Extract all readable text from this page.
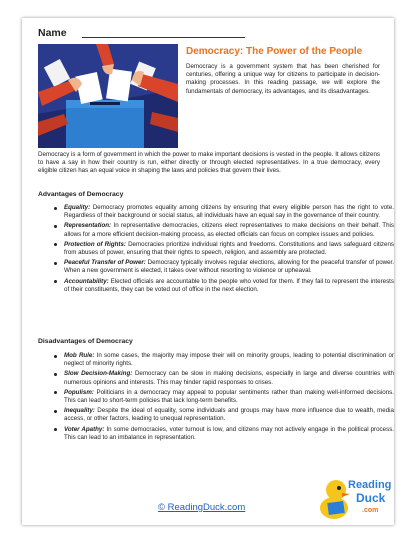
Name
Democracy: The Power of the People
Democracy is a government system that has been cherished for centuries, offering a unique way for citizens to participate in decision-making processes. In this reading passage, we will explore the fundamentals of democracy, its advantages, and its disadvantages.
Democracy is a form of government in which the power to make important decisions is vested in the people. It allows citizens to have a say in how their country is run, either directly or through elected representatives. In a true democracy, every eligible citizen has an equal voice in shaping the laws and policies that govern their lives.
Advantages of Democracy
Equality: Democracy promotes equality among citizens by ensuring that every eligible person has the right to vote. Regardless of their background or social status, all individuals have an equal say in the governance of their country.
Representation: In representative democracies, citizens elect representatives to make decisions on their behalf. This allows for a more efficient decision-making process, as elected officials can focus on complex issues and policies.
Protection of Rights: Democracies prioritize individual rights and freedoms. Constitutions and laws safeguard citizens from abuses of power, ensuring that their rights to speech, religion, and assembly are protected.
Peaceful Transfer of Power: Democracy typically involves regular elections, allowing for the peaceful transfer of power. When a new government is elected, it takes over without resorting to violence or upheaval.
Accountability: Elected officials are accountable to the people who voted for them. If they fail to represent the interests of their constituents, they can be voted out of office in the next election.
Disadvantages of Democracy
Mob Rule: In some cases, the majority may impose their will on minority groups, leading to potential discrimination or neglect of minority rights.
Slow Decision-Making: Democracy can be slow in making decisions, especially in large and diverse countries with numerous opinions and interests. This may hinder rapid responses to crises.
Populism: Politicians in a democracy may appeal to popular sentiments rather than making well-informed decisions. This can lead to short-term policies that lack long-term benefits.
Inequality: Despite the ideal of equality, some individuals and groups may have more influence due to wealth, media access, or other factors, leading to unequal representation.
Voter Apathy: In some democracies, voter turnout is low, and citizens may not actively engage in the political process. This can lead to an imbalance in representation.
© ReadingDuck.com
Reading
Duck
.com
